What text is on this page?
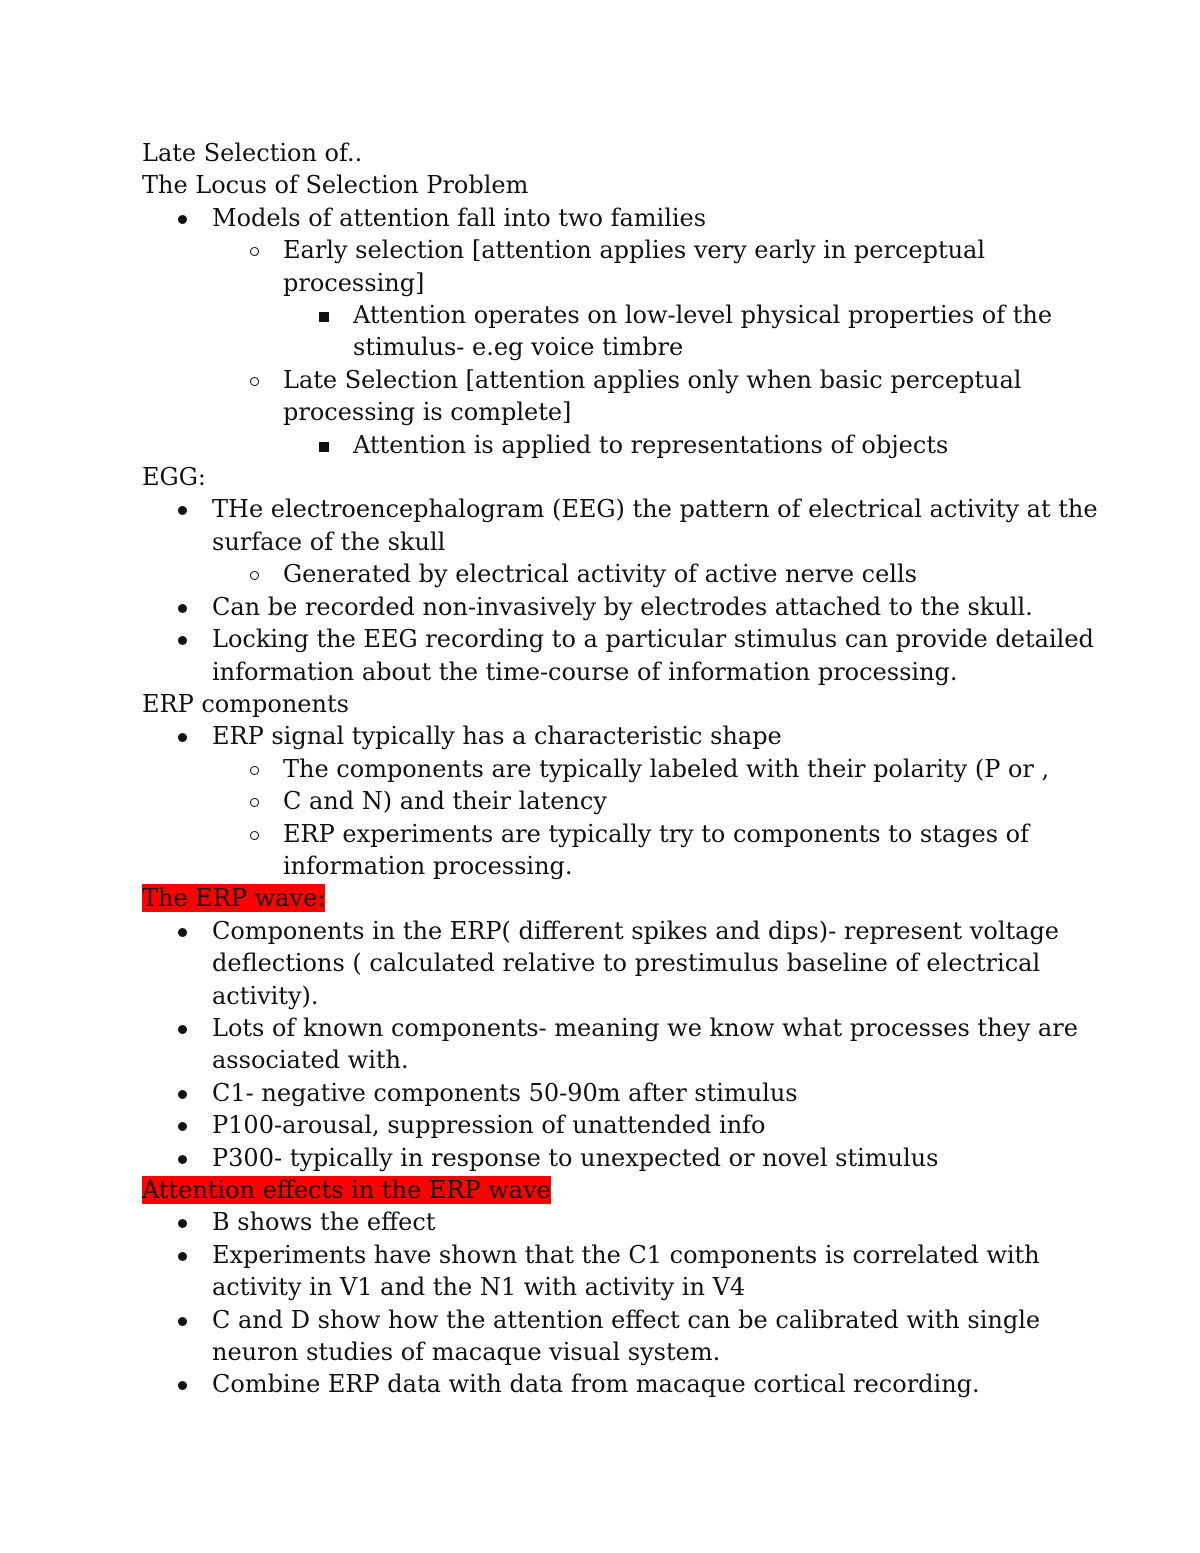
Late Selection of..
The Locus of Selection Problem
Models of attention fall into two families
Early selection [attention applies very early in perceptual
processing]
Attention operates on low-level physical properties of the
stimulus- e.eg voice timbre
Late Selection [attention applies only when basic perceptual
processing is complete]
Attention is applied to representations of objects
EGG:
THe electroencephalogram (EEG) the pattern of electrical activity at the
surface of the skull
Generated by electrical activity of active nerve cells
Can be recorded non-invasively by electrodes attached to the skull.
Locking the EEG recording to a particular stimulus can provide detailed
information about the time-course of information processing.
ERP components
ERP signal typically has a characteristic shape
The components are typically labeled with their polarity (P or ,
C and N) and their latency
ERP experiments are typically try to components to stages of
information processing.
The ERP wave:
Components in the ERP( different spikes and dips)- represent voltage
deflections ( calculated relative to prestimulus baseline of electrical
activity).
Lots of known components- meaning we know what processes they are
associated with.
C1- negative components 50-90m after stimulus
P100-arousal, suppression of unattended info
P300- typically in response to unexpected or novel stimulus
Attention effects in the ERP wave
B shows the effect
Experiments have shown that the C1 components is correlated with
activity in V1 and the N1 with activity in V4
C and D show how the attention effect can be calibrated with single
neuron studies of macaque visual system.
Combine ERP data with data from macaque cortical recording.
